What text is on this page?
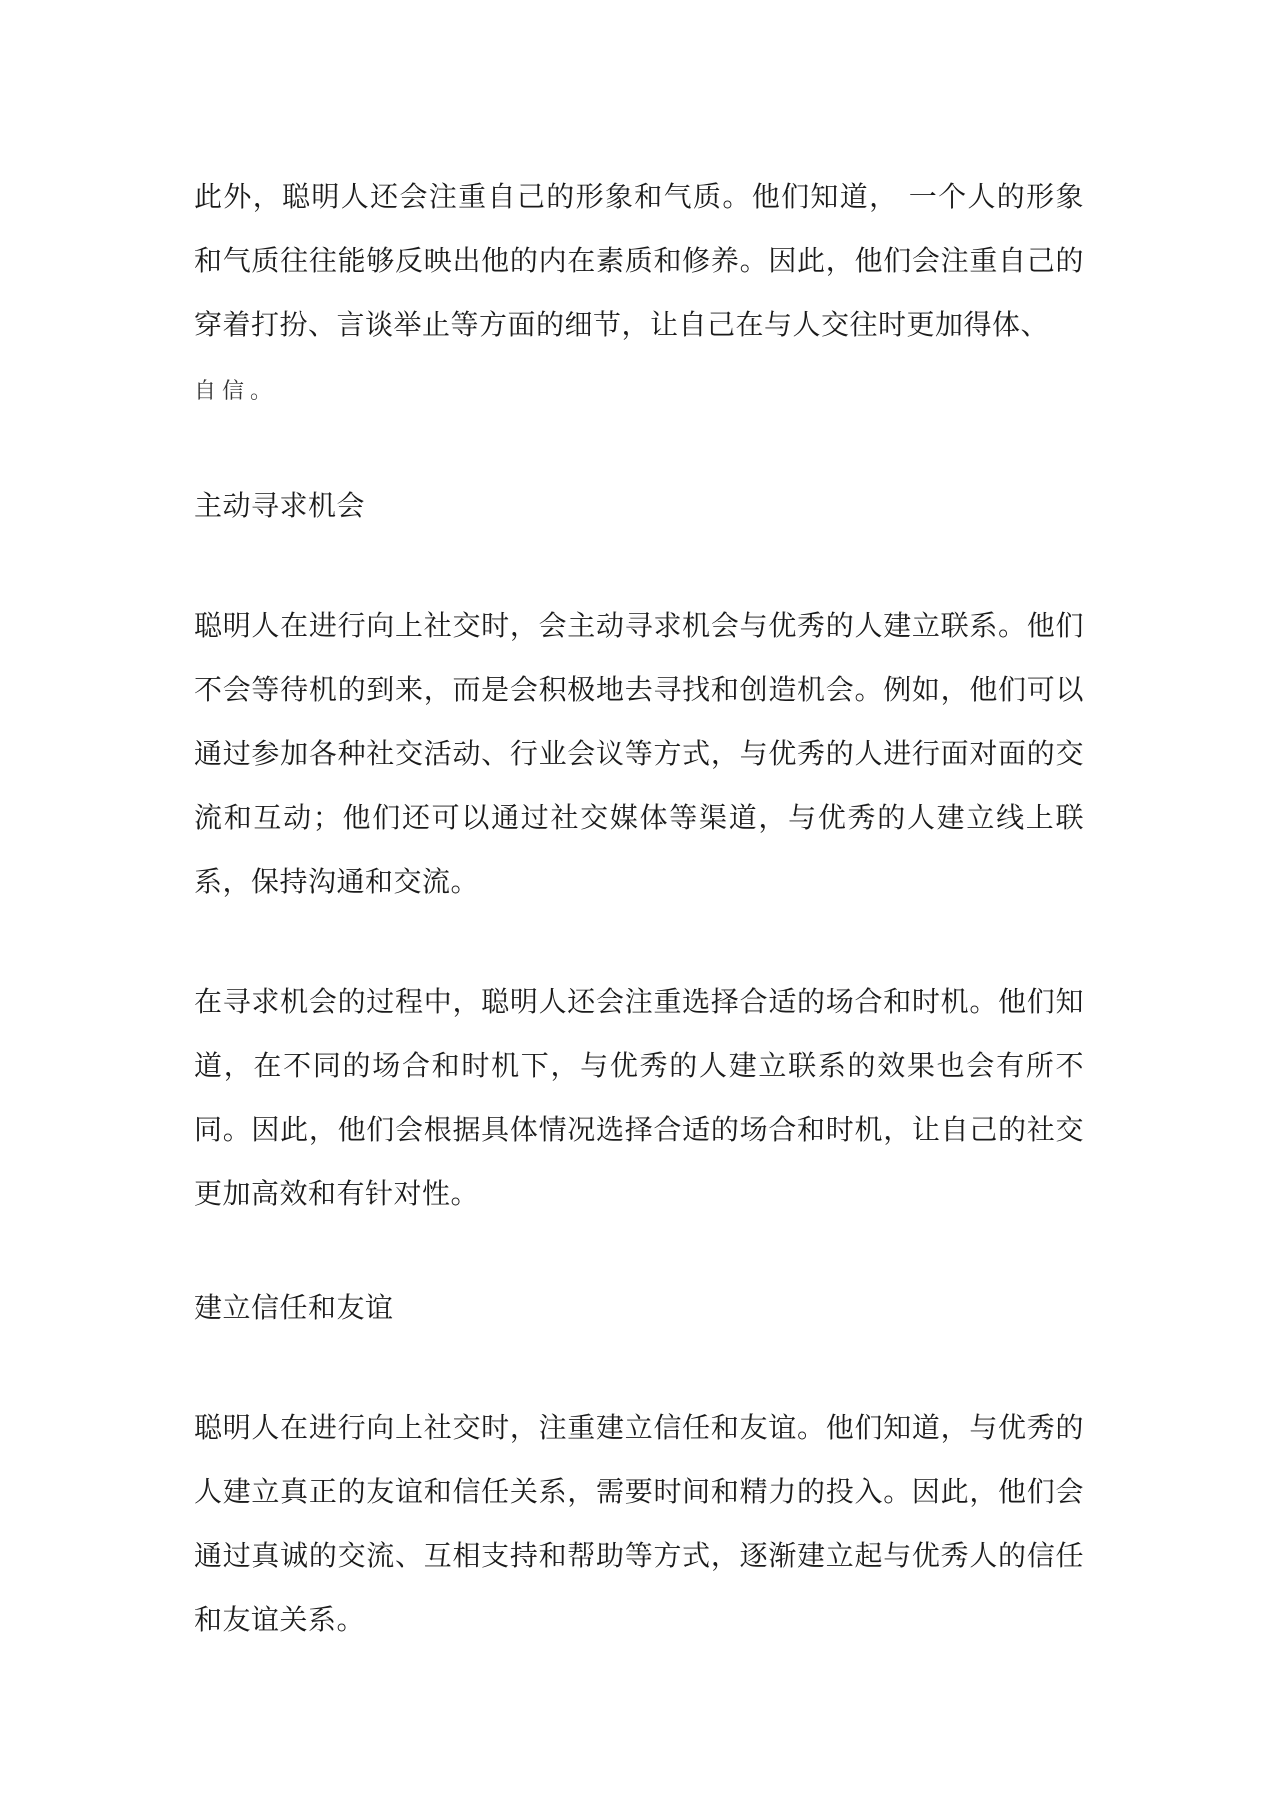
此外，聪明人还会注重自己的形象和气质。他们知道， 一个人的形象和气质往往能够反映出他的内在素质和修养。因此，他们会注重自己的穿着打扮、言谈举止等方面的细节，让自己在与人交往时更加得体、
自信。

主动寻求机会

聪明人在进行向上社交时，会主动寻求机会与优秀的人建立联系。他们不会等待机的到来，而是会积极地去寻找和创造机会。例如，他们可以通过参加各种社交活动、行业会议等方式，与优秀的人进行面对面的交流和互动；他们还可以通过社交媒体等渠道，与优秀的人建立线上联系，保持沟通和交流。

在寻求机会的过程中，聪明人还会注重选择合适的场合和时机。他们知道，在不同的场合和时机下，与优秀的人建立联系的效果也会有所不同。因此，他们会根据具体情况选择合适的场合和时机，让自己的社交更加高效和有针对性。

建立信任和友谊

聪明人在进行向上社交时，注重建立信任和友谊。他们知道，与优秀的人建立真正的友谊和信任关系，需要时间和精力的投入。因此，他们会通过真诚的交流、互相支持和帮助等方式，逐渐建立起与优秀人的信任和友谊关系。
